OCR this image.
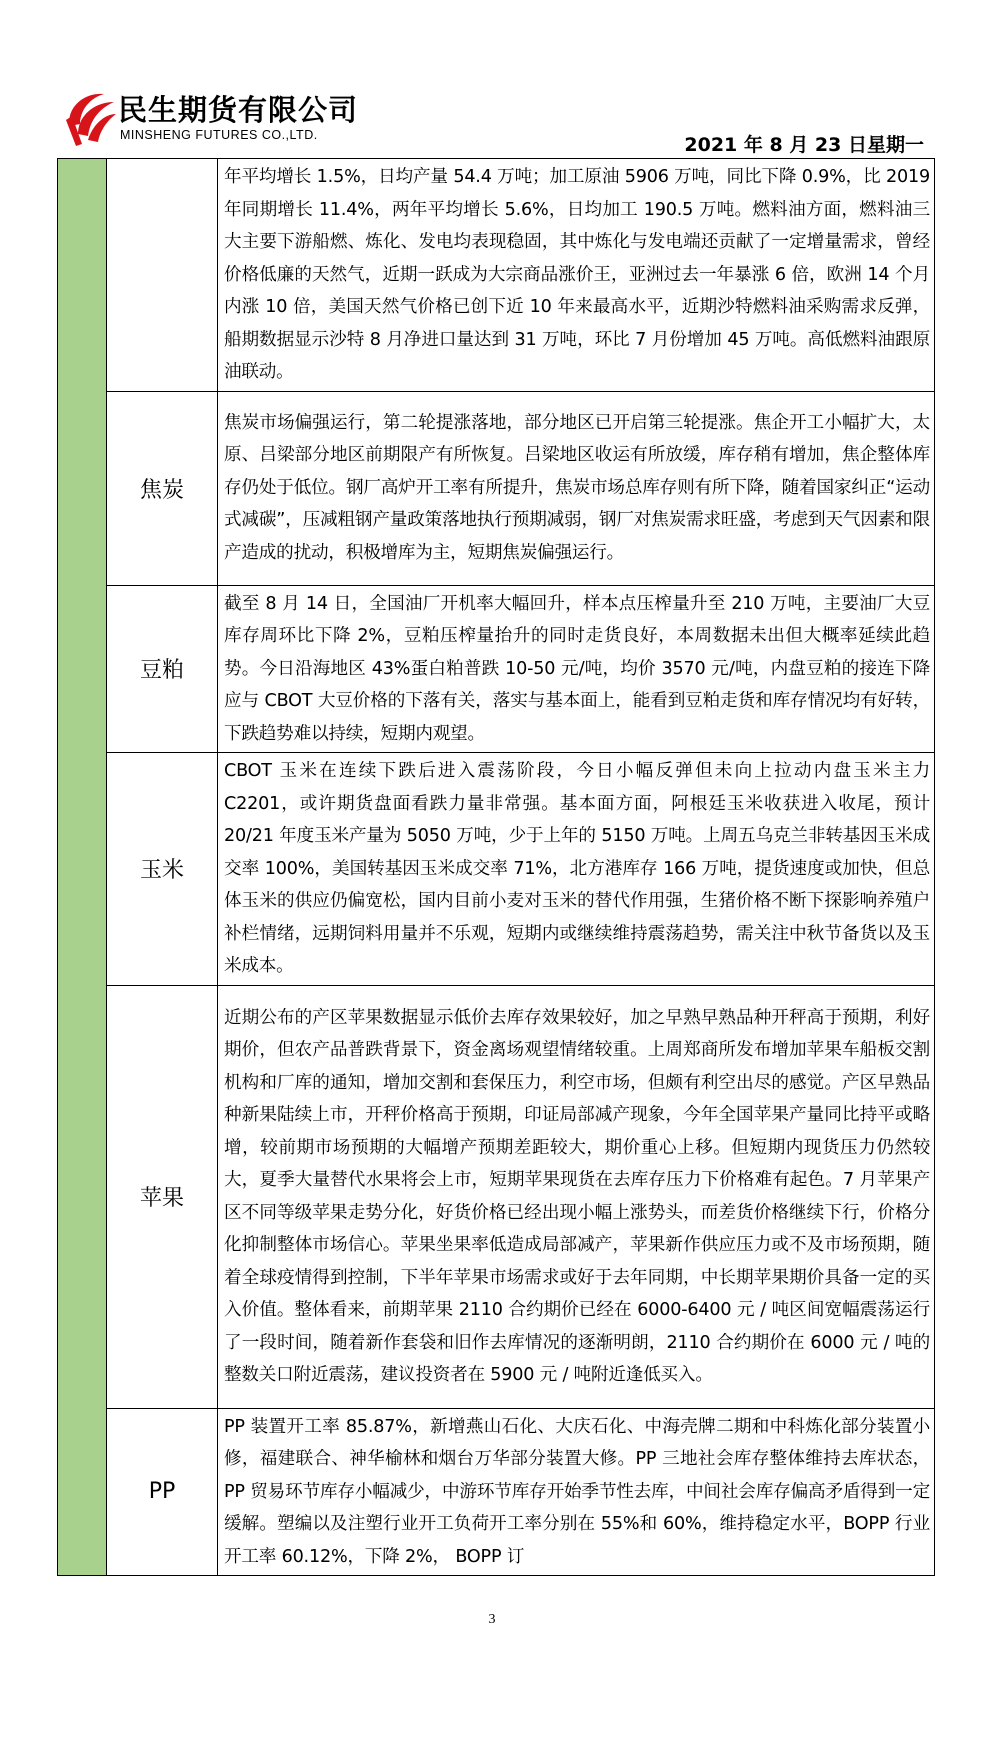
民生期货有限公司
MINSHENG FUTURES CO.,LTD.	2021 年 8 月 23 日星期一
		年平均增长 1.5%，日均产量 54.4 万吨；加工原油 5906 万吨，同比下降 0.9%，比 2019 年同期增长 11.4%，两年平均增长 5.6%，日均加工 190.5 万吨。燃料油方面，燃料油三大主要下游船燃、炼化、发电均表现稳固，其中炼化与发电端还贡献了一定增量需求，曾经价格低廉的天然气，近期一跃成为大宗商品涨价王，亚洲过去一年暴涨 6 倍，欧洲 14 个月内涨 10 倍，美国天然气价格已创下近 10 年来最高水平，近期沙特燃料油采购需求反弹，船期数据显示沙特 8 月净进口量达到 31 万吨，环比 7 月份增加 45 万吨。高低燃料油跟原油联动。
	焦炭	焦炭市场偏强运行，第二轮提涨落地，部分地区已开启第三轮提涨。焦企开工小幅扩大，太原、吕梁部分地区前期限产有所恢复。吕梁地区收运有所放缓，库存稍有增加，焦企整体库存仍处于低位。钢厂高炉开工率有所提升，焦炭市场总库存则有所下降，随着国家纠正“运动式减碳”，压减粗钢产量政策落地执行预期减弱，钢厂对焦炭需求旺盛，考虑到天气因素和限产造成的扰动，积极增库为主，短期焦炭偏强运行。
	豆粕	截至 8 月 14 日，全国油厂开机率大幅回升，样本点压榨量升至 210 万吨，主要油厂大豆库存周环比下降 2%，豆粕压榨量抬升的同时走货良好，本周数据未出但大概率延续此趋势。今日沿海地区 43%蛋白粕普跌 10-50 元/吨，均价 3570 元/吨，内盘豆粕的接连下降应与 CBOT 大豆价格的下落有关，落实与基本面上，能看到豆粕走货和库存情况均有好转，下跌趋势难以持续，短期内观望。
	玉米	CBOT 玉米在连续下跌后进入震荡阶段，今日小幅反弹但未向上拉动内盘玉米主力 C2201，或许期货盘面看跌力量非常强。基本面方面，阿根廷玉米收获进入收尾，预计 20/21 年度玉米产量为 5050 万吨，少于上年的 5150 万吨。上周五乌克兰非转基因玉米成交率 100%，美国转基因玉米成交率 71%，北方港库存 166 万吨，提货速度或加快，但总体玉米的供应仍偏宽松，国内目前小麦对玉米的替代作用强，生猪价格不断下探影响养殖户补栏情绪，远期饲料用量并不乐观，短期内或继续维持震荡趋势，需关注中秋节备货以及玉米成本。
	苹果	近期公布的产区苹果数据显示低价去库存效果较好，加之早熟早熟品种开秤高于预期，利好期价，但农产品普跌背景下，资金离场观望情绪较重。上周郑商所发布增加苹果车船板交割机构和厂库的通知，增加交割和套保压力，利空市场，但颇有利空出尽的感觉。产区早熟品种新果陆续上市，开秤价格高于预期，印证局部减产现象，今年全国苹果产量同比持平或略增，较前期市场预期的大幅增产预期差距较大，期价重心上移。但短期内现货压力仍然较大，夏季大量替代水果将会上市，短期苹果现货在去库存压力下价格难有起色。7 月苹果产区不同等级苹果走势分化，好货价格已经出现小幅上涨势头，而差货价格继续下行，价格分化抑制整体市场信心。苹果坐果率低造成局部减产，苹果新作供应压力或不及市场预期，随着全球疫情得到控制，下半年苹果市场需求或好于去年同期，中长期苹果期价具备一定的买入价值。整体看来，前期苹果 2110 合约期价已经在 6000-6400 元 / 吨区间宽幅震荡运行了一段时间，随着新作套袋和旧作去库情况的逐渐明朗，2110 合约期价在 6000 元 / 吨的整数关口附近震荡，建议投资者在 5900 元 / 吨附近逢低买入。
	PP	PP 装置开工率 85.87%，新增燕山石化、大庆石化、中海壳牌二期和中科炼化部分装置小修，福建联合、神华榆林和烟台万华部分装置大修。PP 三地社会库存整体维持去库状态，PP 贸易环节库存小幅减少，中游环节库存开始季节性去库，中间社会库存偏高矛盾得到一定缓解。塑编以及注塑行业开工负荷开工率分别在 55%和 60%，维持稳定水平，BOPP 行业开工率 60.12%，下降 2%， BOPP 订
3
